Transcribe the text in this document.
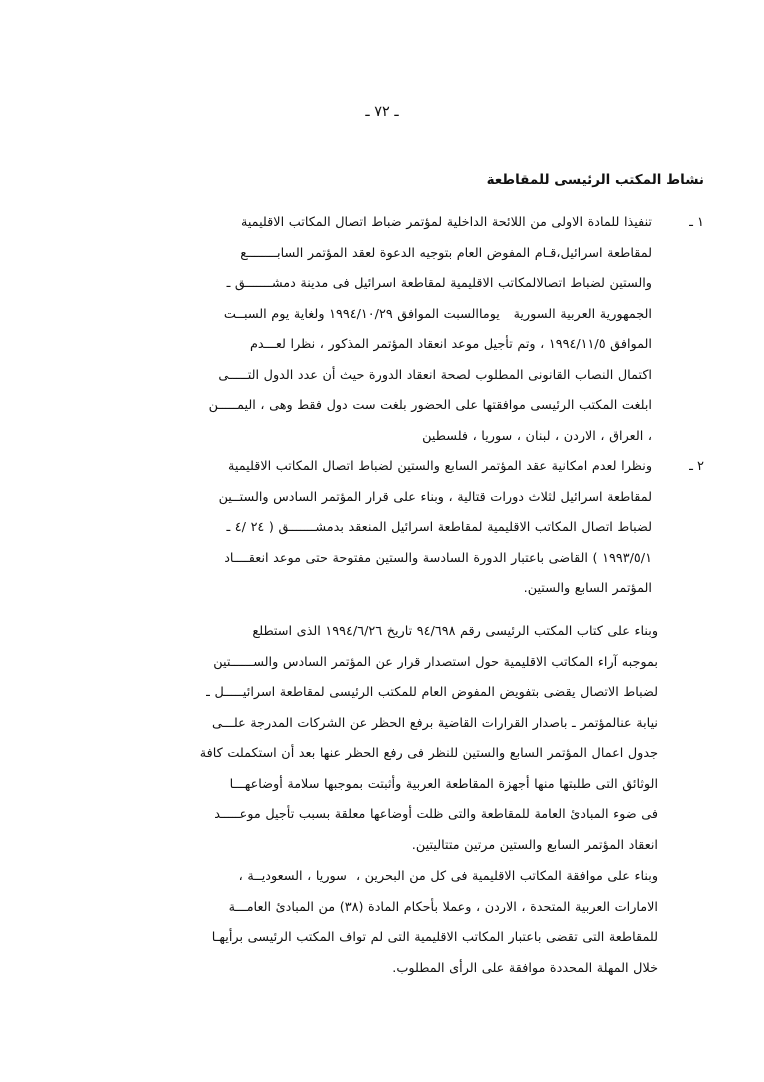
ـ ٧٢ ـ
نشاط المكتب الرئيسى للمقاطعة
١ ـ
تنفيذا للمادة الاولى من اللائحة الداخلية لمؤتمر ضباط اتصال المكاتب الاقليمية
لمقاطعة اسرائيل،قـام المفوض العام بتوجيه الدعوة لعقد المؤتمر السابــــــــع
والستين لضباط اتصالالمكاتب الاقليمية لمقاطعة اسرائيل فى مدينة دمشـــــــق ـ
الجمهورية العربية السورية   يوماالسبت الموافق ١٩٩٤/١٠/٢٩ ولغاية يوم السبــت
الموافق ١٩٩٤/١١/٥ ، وتم تأجيل موعد انعقاد المؤتمر المذكور ، نظرا لعـــدم
اكتمال النصاب القانونى المطلوب لصحة انعقاد الدورة حيث أن عدد الدول التـــــى
ابلغت المكتب الرئيسى موافقتها على الحضور بلغت ست دول فقط وهى ، اليمـــــن
، العراق ، الاردن ، لبنان ، سوريا ، فلسطين
٢ ـ
ونظرا لعدم امكانية عقد المؤتمر السابع والستين لضباط اتصال المكاتب الاقليمية
لمقاطعة اسرائيل لثلاث دورات قتالية ، وبناء على قرار المؤتمر السادس والستــين
لضباط اتصال المكاتب الاقليمية لمقاطعة اسرائيل المنعقد بدمشـــــــق ( ٢٤ /٤ ـ
١٩٩٣/٥/١ ) القاضى باعتبار الدورة السادسة والستين مفتوحة حتى موعد انعقــــاد
المؤتمر السابع والستين.
وبناء على كتاب المكتب الرئيسى رقم ٩٤/٦٩٨ تاريخ ١٩٩٤/٦/٢٦ الذى استطلع
بموجبه آراء المكاتب الاقليمية حول استصدار قرار عن المؤتمر السادس والســــــتين
لضباط الاتصال يقضى بتفويض المفوض العام للمكتب الرئيسى لمقاطعة اسرائيـــــل ـ
نيابة عنالمؤتمر ـ باصدار القرارات القاضية برفع الحظر عن الشركات المدرجة علـــى
جدول اعمال المؤتمر السابع والستين للنظر فى رفع الحظر عنها بعد أن استكملت كافة
الوثائق التى طلبتها منها أجهزة المقاطعة العربية وأثبتت بموجبها سلامة أوضاعهـــا
فى ضوء المبادئ العامة للمقاطعة والتى ظلت أوضاعها معلقة بسبب تأجيل موعـــــد
انعقاد المؤتمر السابع والستين مرتين متتاليتين.
وبناء على موافقة المكاتب الاقليمية فى كل من البحرين ،  سوريا ، السعوديــة ،
الامارات العربية المتحدة ، الاردن ، وعملا بأحكام المادة (٣٨) من المبادئ العامـــة
للمقاطعة التى تقضى باعتبار المكاتب الاقليمية التى لم تواف المكتب الرئيسى برأيهـا
خلال المهلة المحددة موافقة على الرأى المطلوب.
